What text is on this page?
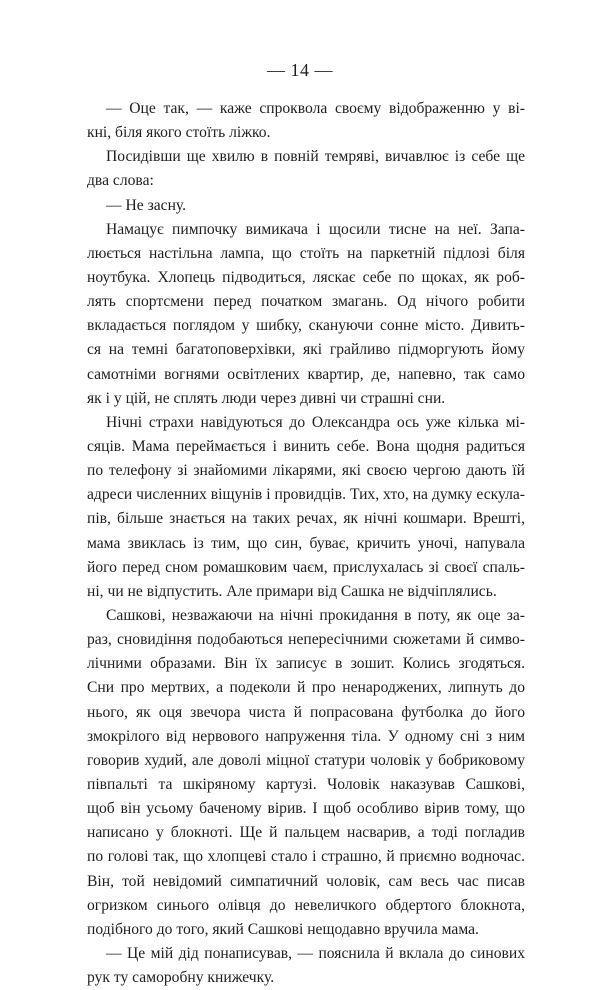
— 14 —
— Оце так, — каже спроквола своєму відображенню у ві-
кні, біля якого стоїть ліжко.
Посидівши ще хвилю в повній темряві, вичавлює із себе ще
два слова:
— Не засну.
Намацує пимпочку вимикача і щосили тисне на неї. Запа-
люється настільна лампа, що стоїть на паркетній підлозі біля
ноутбука. Хлопець підводиться, ляскає себе по щоках, як роб-
лять спортсмени перед початком змагань. Од нічого робити
вкладається поглядом у шибку, скануючи сонне місто. Дивить-
ся на темні багатоповерхівки, які грайливо підморгують йому
самотніми вогнями освітлених квартир, де, напевно, так само
як і у цій, не сплять люди через дивні чи страшні сни.
Нічні страхи навідуються до Олександра ось уже кілька мі-
сяців. Мама переймається і винить себе. Вона щодня радиться
по телефону зі знайомими лікарями, які своєю чергою дають їй
адреси численних віщунів і провидців. Тих, хто, на думку ескула-
пів, більше знається на таких речах, як нічні кошмари. Врешті,
мама звиклась із тим, що син, буває, кричить уночі, напувала
його перед сном ромашковим чаєм, прислухалась зі своєї спаль-
ні, чи не відпустить. Але примари від Сашка не відчіплялись.
Сашкові, незважаючи на нічні прокидання в поту, як оце за-
раз, сновидіння подобаються непересічними сюжетами й симво-
лічними образами. Він їх записує в зошит. Колись згодяться.
Сни про мертвих, а подеколи й про ненароджених, липнуть до
нього, як оця звечора чиста й попрасована футболка до його
змокрілого від нервового напруження тіла. У одному сні з ним
говорив худий, але доволі міцної статури чоловік у бобриковому
півпальті та шкіряному картузі. Чоловік наказував Сашкові,
щоб він усьому баченому вірив. І щоб особливо вірив тому, що
написано у блокноті. Ще й пальцем насварив, а тоді погладив
по голові так, що хлопцеві стало і страшно, й приємно водночас.
Він, той невідомий симпатичний чоловік, сам весь час писав
огризком синього олівця до невеличкого обдертого блокнота,
подібного до того, який Сашкові нещодавно вручила мама.
— Це мій дід понаписував, — пояснила й вклала до синових
рук ту саморобну книжечку.
